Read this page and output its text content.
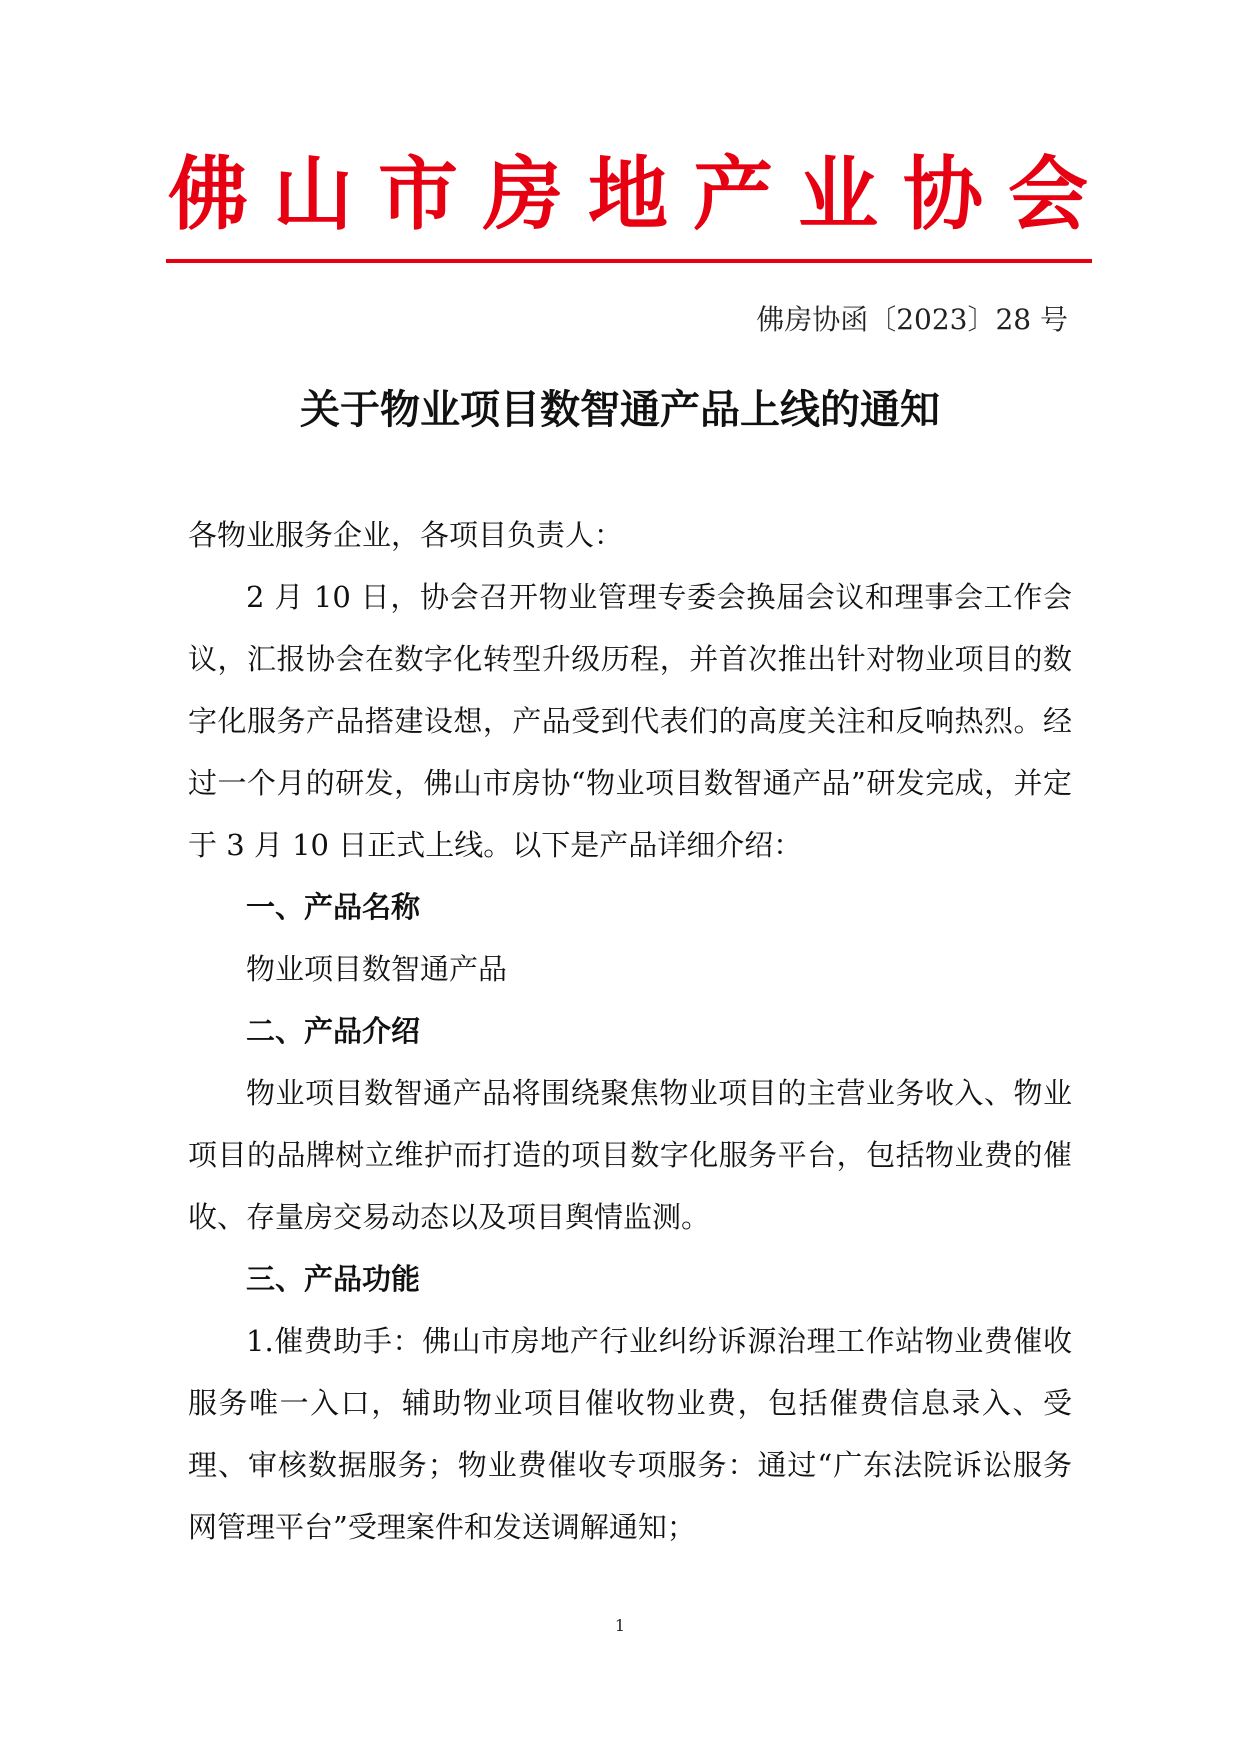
佛 山 市 房 地 产 业 协 会
佛房协函〔2023〕28 号
关于物业项目数智通产品上线的通知

各物业服务企业，各项目负责人：

2 月 10 日，协会召开物业管理专委会换届会议和理事会工作会议，汇报协会在数字化转型升级历程，并首次推出针对物业项目的数字化服务产品搭建设想，产品受到代表们的高度关注和反响热烈。经过一个月的研发，佛山市房协“物业项目数智通产品”研发完成，并定于 3 月 10 日正式上线。以下是产品详细介绍：

一、产品名称

物业项目数智通产品

二、产品介绍

物业项目数智通产品将围绕聚焦物业项目的主营业务收入、物业项目的品牌树立维护而打造的项目数字化服务平台，包括物业费的催收、存量房交易动态以及项目舆情监测。

三、产品功能

1.催费助手：佛山市房地产行业纠纷诉源治理工作站物业费催收服务唯一入口，辅助物业项目催收物业费，包括催费信息录入、受理、审核数据服务；物业费催收专项服务：通过“广东法院诉讼服务网管理平台”受理案件和发送调解通知；

1
